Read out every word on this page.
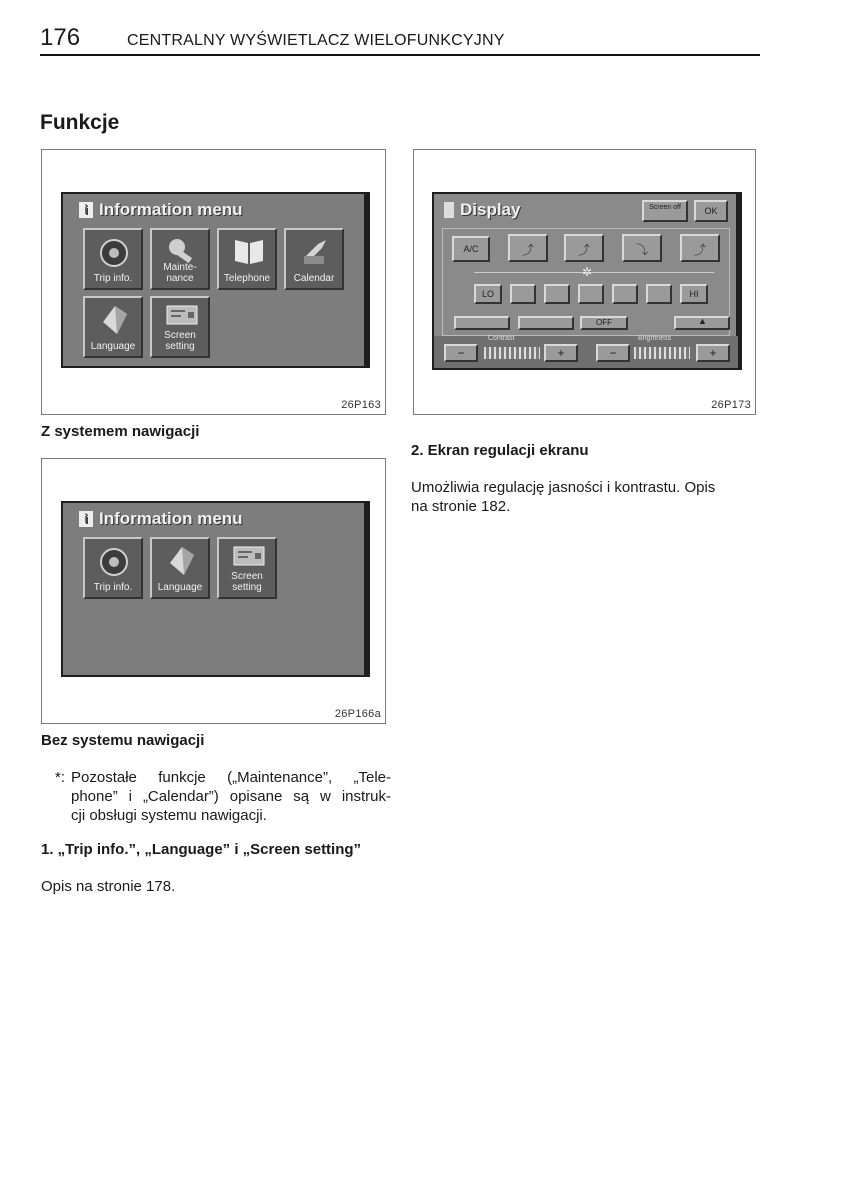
176	CENTRALNY WYŚWIETLACZ WIELOFUNKCYJNY
Funkcje
i Information menu
Trip info.
Mainte-
nance	Telephone	Calendar
Language
Screen
setting
26P163
Z systemem nawigacji
i Information menu
Trip info.	Language
Screen
setting
26P166a
Bez systemu nawigacji
*: Pozostałe funkcje („Maintenance”, „Tele-
phone” i „Calendar”) opisane są w instruk-
cji obsługi systemu nawigacji.
1. „Trip info.”, „Language” i „Screen setting”
Opis na stronie 178.
Display	Screen off	OK
A/C	⤴	⤴	⤵	⤴
✲
LO	HI
OFF	▲
−
Contrast
+	−
Brightness
+
26P173
2. Ekran regulacji ekranu
Umożliwia regulację jasności i kontrastu. Opis
na stronie 182.
